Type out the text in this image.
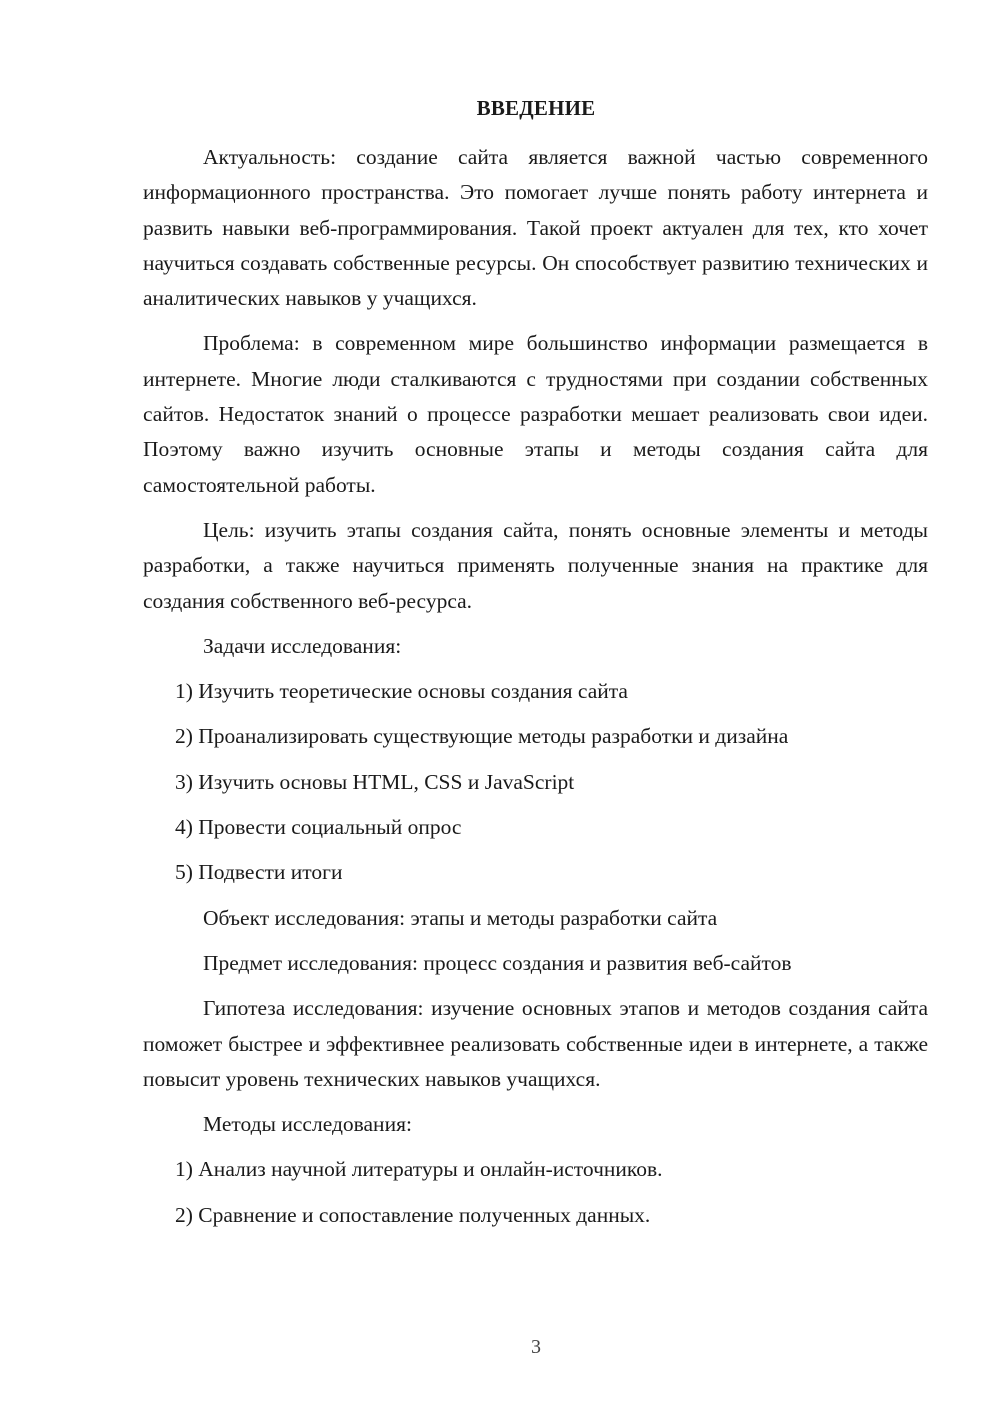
ВВЕДЕНИЕ

Актуальность: создание сайта является важной частью современного информационного пространства. Это помогает лучше понять работу интернета и развить навыки веб-программирования. Такой проект актуален для тех, кто хочет научиться создавать собственные ресурсы. Он способствует развитию технических и аналитических навыков у учащихся.

Проблема: в современном мире большинство информации размещается в интернете. Многие люди сталкиваются с трудностями при создании собственных сайтов. Недостаток знаний о процессе разработки мешает реализовать свои идеи. Поэтому важно изучить основные этапы и методы создания сайта для самостоятельной работы.

Цель: изучить этапы создания сайта, понять основные элементы и методы разработки, а также научиться применять полученные знания на практике для создания собственного веб-ресурса.

Задачи исследования:

1) Изучить теоретические основы создания сайта

2) Проанализировать существующие методы разработки и дизайна

3) Изучить основы HTML, CSS и JavaScript

4) Провести социальный опрос

5) Подвести итоги

Объект исследования: этапы и методы разработки сайта

Предмет исследования: процесс создания и развития веб-сайтов

Гипотеза исследования: изучение основных этапов и методов создания сайта поможет быстрее и эффективнее реализовать собственные идеи в интернете, а также повысит уровень технических навыков учащихся.

Методы исследования:

1) Анализ научной литературы и онлайн-источников.

2) Сравнение и сопоставление полученных данных.

3
